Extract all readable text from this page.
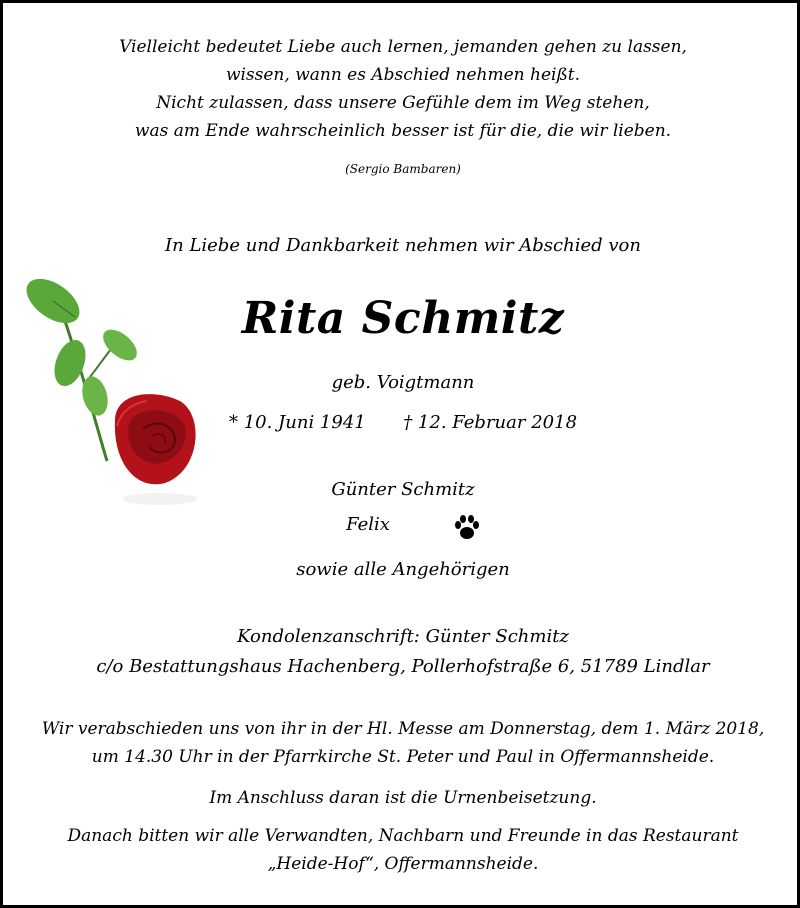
Vielleicht bedeutet Liebe auch lernen, jemanden gehen zu lassen,
wissen, wann es Abschied nehmen heißt.
Nicht zulassen, dass unsere Gefühle dem im Weg stehen,
was am Ende wahrscheinlich besser ist für die, die wir lieben.
(Sergio Bambaren)
In Liebe und Dankbarkeit nehmen wir Abschied von
Rita Schmitz
geb. Voigtmann
* 10. Juni 1941 † 12. Februar 2018
Günter Schmitz
Felix
sowie alle Angehörigen
Kondolenzanschrift: Günter Schmitz
c/o Bestattungshaus Hachenberg, Pollerhofstraße 6, 51789 Lindlar
Wir verabschieden uns von ihr in der Hl. Messe am Donnerstag, dem 1. März 2018,
um 14.30 Uhr in der Pfarrkirche St. Peter und Paul in Offermannsheide.
Im Anschluss daran ist die Urnenbeisetzung.
Danach bitten wir alle Verwandten, Nachbarn und Freunde in das Restaurant
„Heide-Hof“, Offermannsheide.
